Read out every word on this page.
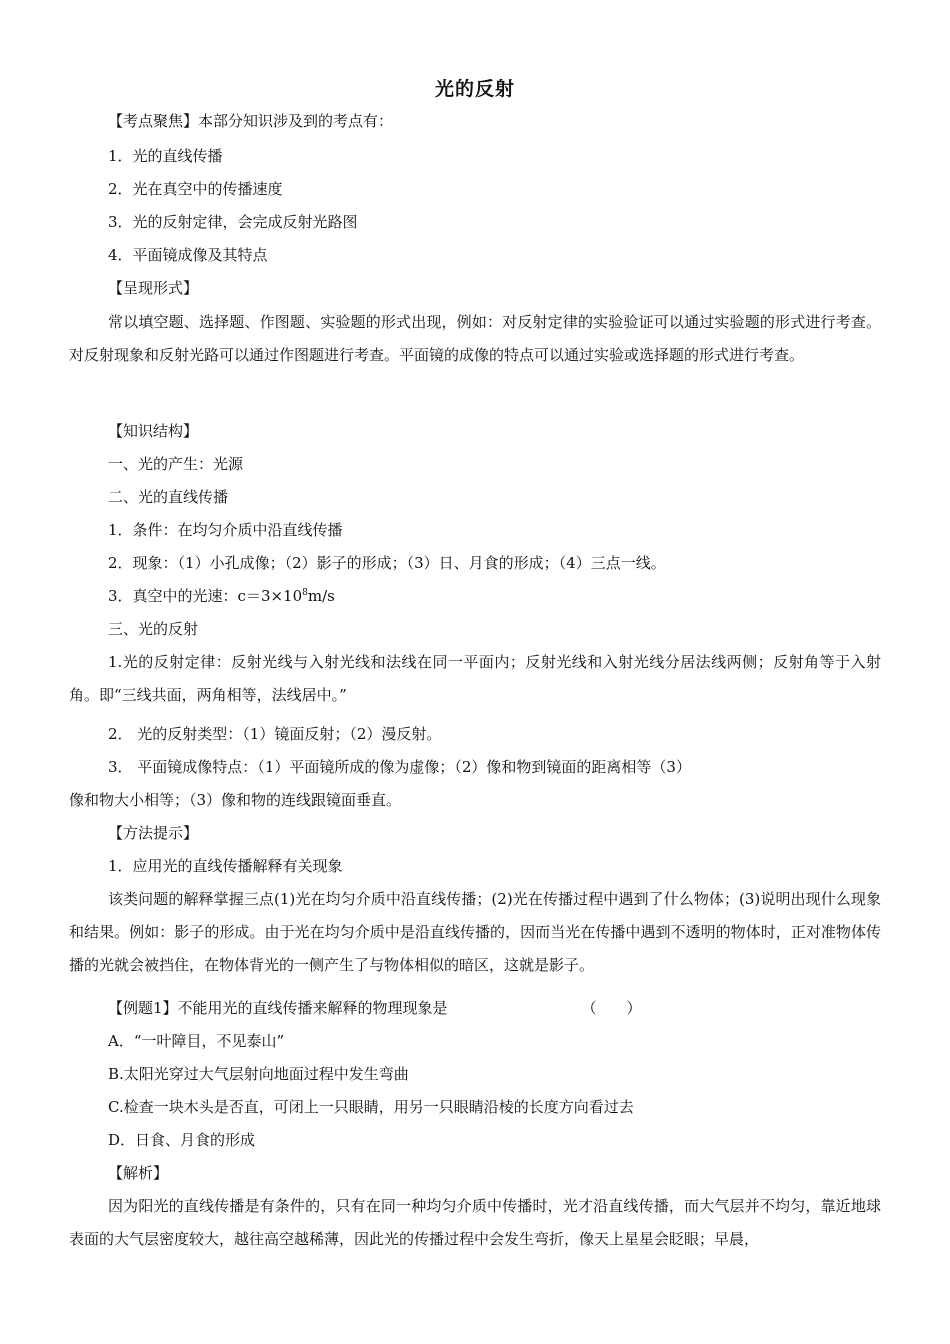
光的反射
【考点聚焦】本部分知识涉及到的考点有：
1．光的直线传播
2．光在真空中的传播速度
3．光的反射定律，会完成反射光路图
4．平面镜成像及其特点
【呈现形式】
常以填空题、选择题、作图题、实验题的形式出现，例如：对反射定律的实验验证可以通过实验题的形式进行考查。对反射现象和反射光路可以通过作图题进行考查。平面镜的成像的特点可以通过实验或选择题的形式进行考查。
【知识结构】
一、光的产生：光源
二、光的直线传播
1．条件：在均匀介质中沿直线传播
2．现象：（1）小孔成像；（2）影子的形成；（3）日、月食的形成；（4）三点一线。
3．真空中的光速：$c=3\times 10^8m/s$
三、光的反射
1.光的反射定律：反射光线与入射光线和法线在同一平面内；反射光线和入射光线分居法线两侧；反射角等于入射角。即“三线共面，两角相等，法线居中。”
2． 光的反射类型：（1）镜面反射；（2）漫反射。
3． 平面镜成像特点：（1）平面镜所成的像为虚像；（2）像和物到镜面的距离相等（3）
像和物大小相等；（3）像和物的连线跟镜面垂直。
【方法提示】
1．应用光的直线传播解释有关现象
该类问题的解释掌握三点(1)光在均匀介质中沿直线传播；(2)光在传播过程中遇到了什么物体；(3)说明出现什么现象和结果。例如：影子的形成。由于光在均匀介质中是沿直线传播的，因而当光在传播中遇到不透明的物体时，正对准物体传播的光就会被挡住，在物体背光的一侧产生了与物体相似的暗区，这就是影子。
【例题1】不能用光的直线传播来解释的物理现象是	（　　）
A．“一叶障目，不见泰山”
B.太阳光穿过大气层射向地面过程中发生弯曲
C.检查一块木头是否直，可闭上一只眼睛，用另一只眼睛沿棱的长度方向看过去
D．日食、月食的形成
【解析】
因为阳光的直线传播是有条件的，只有在同一种均匀介质中传播时，光才沿直线传播，而大气层并不均匀，靠近地球表面的大气层密度较大，越往高空越稀薄，因此光的传播过程中会发生弯折，像天上星星会眨眼；早晨，
